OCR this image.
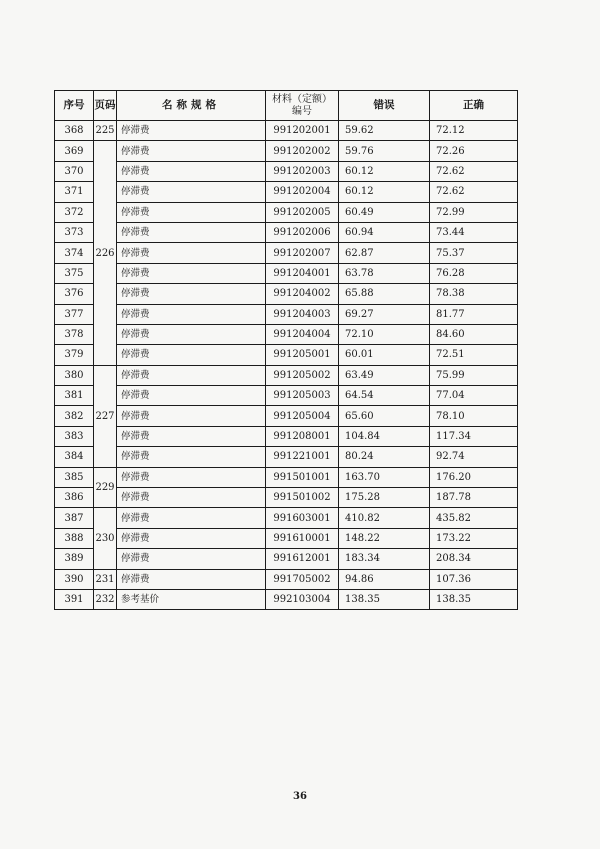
序号	页码	名称规格	材料（定额）
编号	错误	正确
368	225	停滞费	991202001	59.62	72.12
369	226	停滞费	991202002	59.76	72.26
370		停滞费	991202003	60.12	72.62
371		停滞费	991202004	60.12	72.62
372		停滞费	991202005	60.49	72.99
373		停滞费	991202006	60.94	73.44
374		停滞费	991202007	62.87	75.37
375		停滞费	991204001	63.78	76.28
376		停滞费	991204002	65.88	78.38
377		停滞费	991204003	69.27	81.77
378		停滞费	991204004	72.10	84.60
379		停滞费	991205001	60.01	72.51
380	227	停滞费	991205002	63.49	75.99
381		停滞费	991205003	64.54	77.04
382		停滞费	991205004	65.60	78.10
383		停滞费	991208001	104.84	117.34
384		停滞费	991221001	80.24	92.74
385	229	停滞费	991501001	163.70	176.20
386		停滞费	991501002	175.28	187.78
387	230	停滞费	991603001	410.82	435.82
388		停滞费	991610001	148.22	173.22
389		停滞费	991612001	183.34	208.34
390	231	停滞费	991705002	94.86	107.36
391	232	参考基价	992103004	138.35	138.35
36
